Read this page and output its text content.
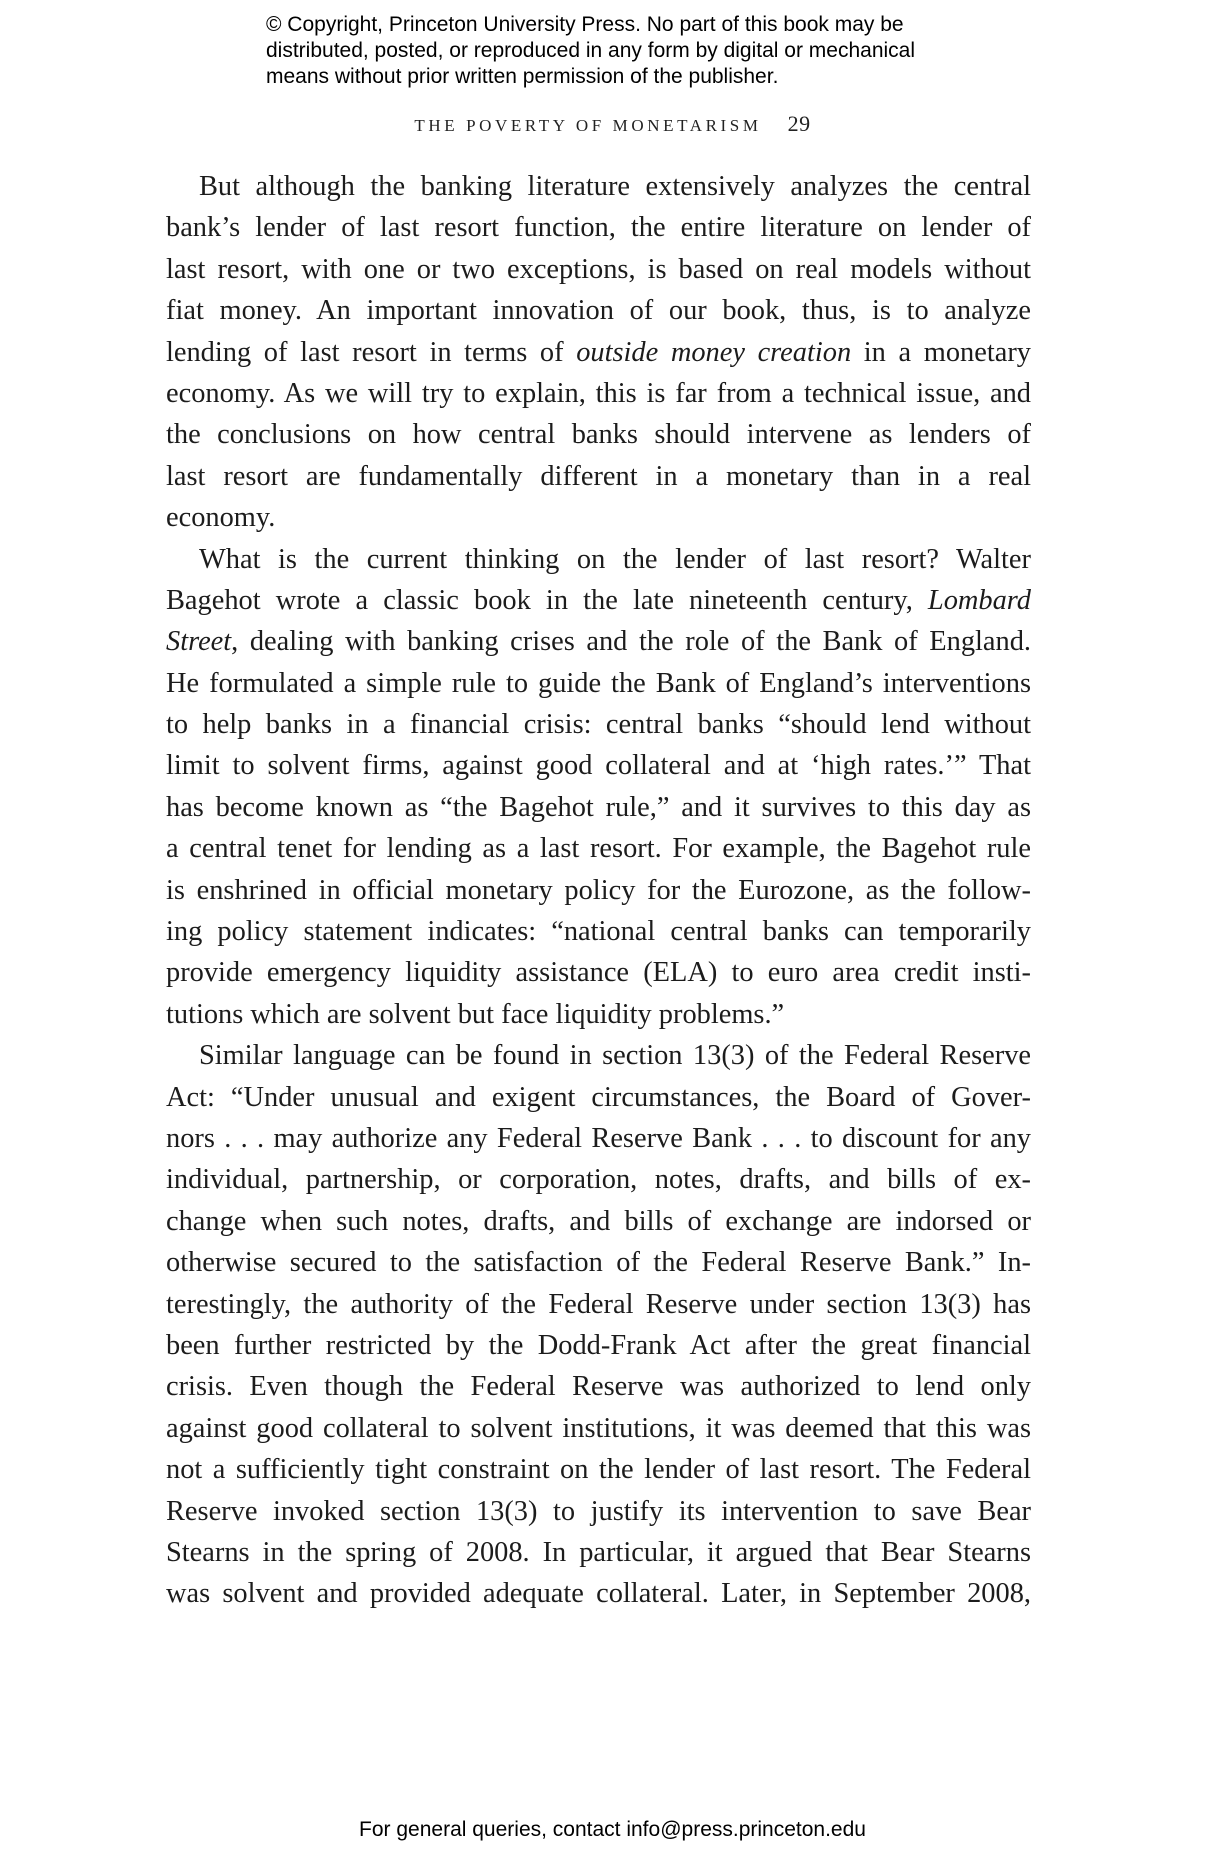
© Copyright, Princeton University Press. No part of this book may be
distributed, posted, or reproduced in any form by digital or mechanical
means without prior written permission of the publisher.
THE POVERTY OF MONETARISM 29
But although the banking literature extensively analyzes the central
bank’s lender of last resort function, the entire literature on lender of
last resort, with one or two exceptions, is based on real models without
fiat money. An important innovation of our book, thus, is to analyze
lending of last resort in terms of outside money creation in a monetary
economy. As we will try to explain, this is far from a technical issue, and
the conclusions on how central banks should intervene as lenders of
last resort are fundamentally different in a monetary than in a real
economy.
What is the current thinking on the lender of last resort? Walter
Bagehot wrote a classic book in the late nineteenth century, Lombard
Street, dealing with banking crises and the role of the Bank of England.
He formulated a simple rule to guide the Bank of England’s interventions
to help banks in a financial crisis: central banks “should lend without
limit to solvent firms, against good collateral and at ‘high rates.’” That
has become known as “the Bagehot rule,” and it survives to this day as
a central tenet for lending as a last resort. For example, the Bagehot rule
is enshrined in official monetary policy for the Eurozone, as the follow-
ing policy statement indicates: “national central banks can temporarily
provide emergency liquidity assistance (ELA) to euro area credit insti-
tutions which are solvent but face liquidity problems.”
Similar language can be found in section 13(3) of the Federal Reserve
Act: “Under unusual and exigent circumstances, the Board of Gover-
nors . . . may authorize any Federal Reserve Bank . . . to discount for any
individual, partnership, or corporation, notes, drafts, and bills of ex-
change when such notes, drafts, and bills of exchange are indorsed or
otherwise secured to the satisfaction of the Federal Reserve Bank.” In-
terestingly, the authority of the Federal Reserve under section 13(3) has
been further restricted by the Dodd-Frank Act after the great financial
crisis. Even though the Federal Reserve was authorized to lend only
against good collateral to solvent institutions, it was deemed that this was
not a sufficiently tight constraint on the lender of last resort. The Federal
Reserve invoked section 13(3) to justify its intervention to save Bear
Stearns in the spring of 2008. In particular, it argued that Bear Stearns
was solvent and provided adequate collateral. Later, in September 2008,
For general queries, contact info@press.princeton.edu
